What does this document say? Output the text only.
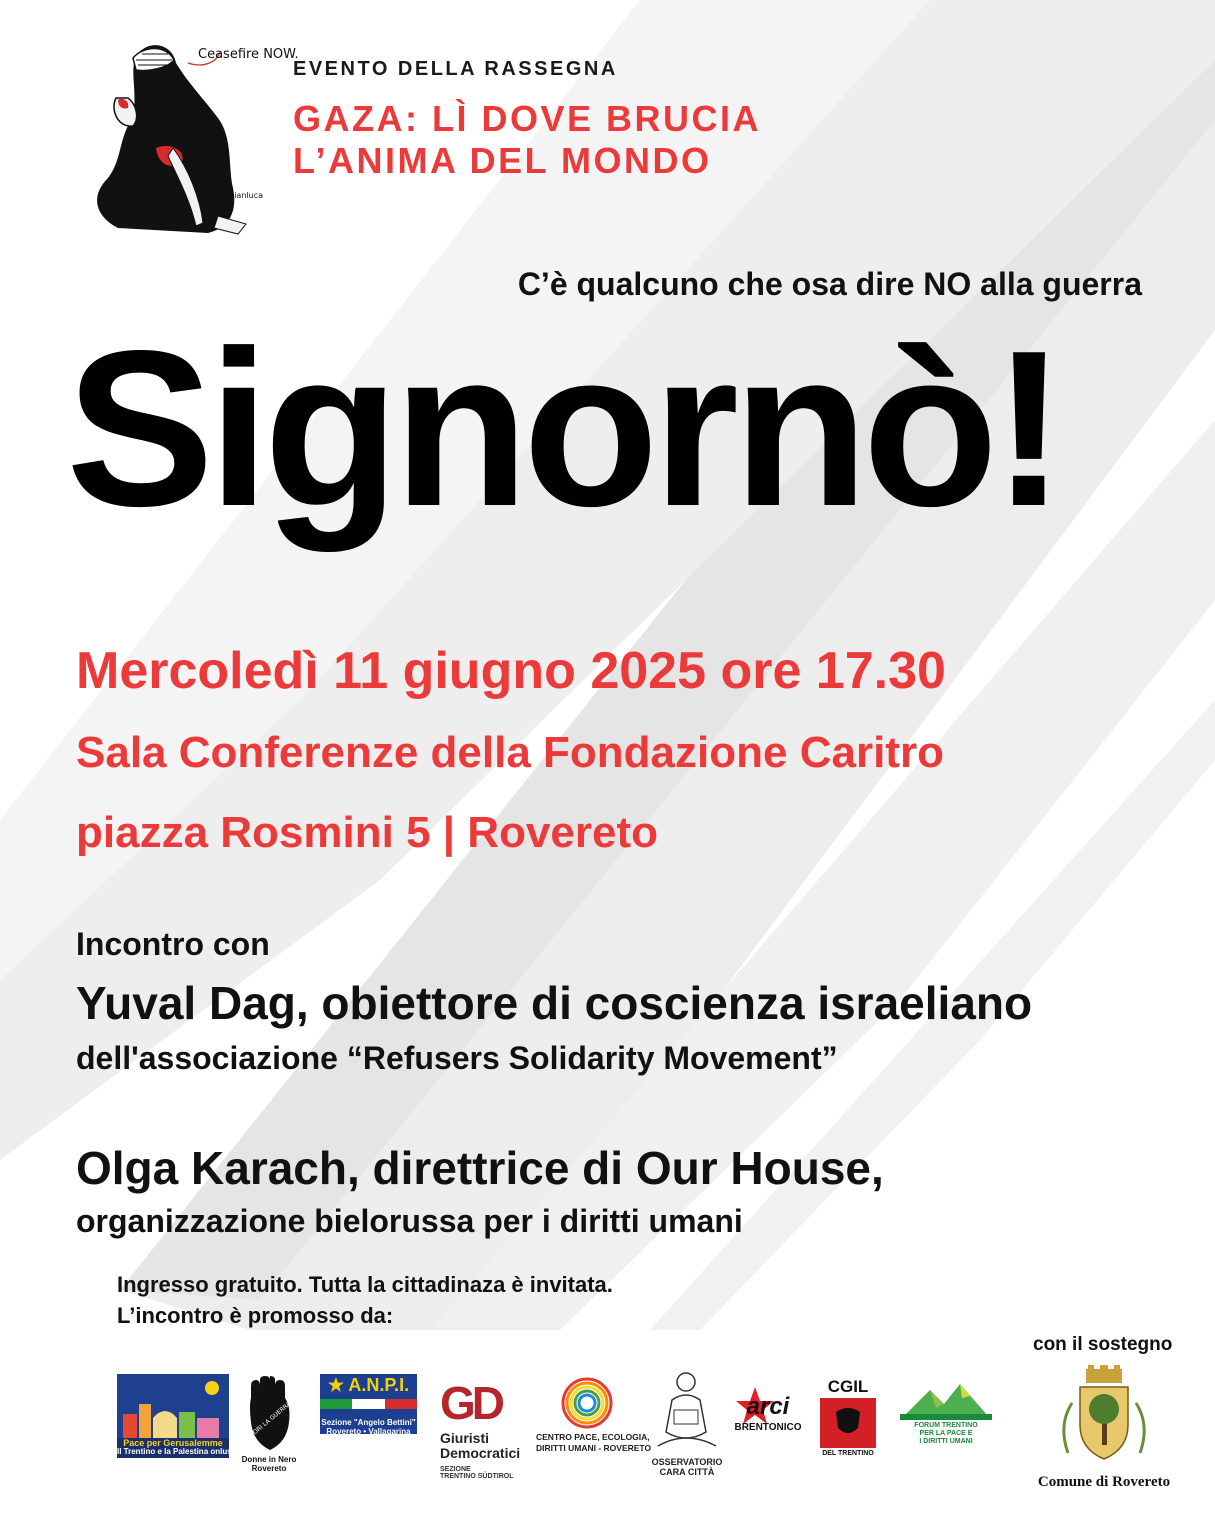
Ceasefire NOW.
Gianluca
EVENTO DELLA RASSEGNA
GAZA: LÌ DOVE BRUCIA
L’ANIMA DEL MONDO
C’è qualcuno che osa dire NO alla guerra
Signornò!
Mercoledì 11 giugno 2025 ore 17.30
Sala Conferenze della Fondazione Caritro
piazza Rosmini 5 | Rovereto
Incontro con
Yuval Dag, obiettore di coscienza israeliano
dell'associazione “Refusers Solidarity Movement”
Olga Karach, direttrice di Our House,
organizzazione bielorussa per i diritti umani
Ingresso gratuito. Tutta la cittadinaza è invitata.
L’incontro è promosso da:
con il sostegno
Pace per Gerusalemme
Il Trentino e la Palestina onlus
FUORI LA GUERRA
Donne in Nero
Rovereto
★ A.N.P.I.
Sezione "Angelo Bettini"
Rovereto • Vallagarina
GD
Giuristi
Democratici
SEZIONE
TRENTINO SÜDTIROL
CENTRO PACE, ECOLOGIA,
DIRITTI UMANI - ROVERETO
OSSERVATORIO
CARA CITTÀ
arci
BRENTONICO
CGIL
DEL TRENTINO
FORUM TRENTINO
PER LA PACE E
I DIRITTI UMANI
Comune di Rovereto
